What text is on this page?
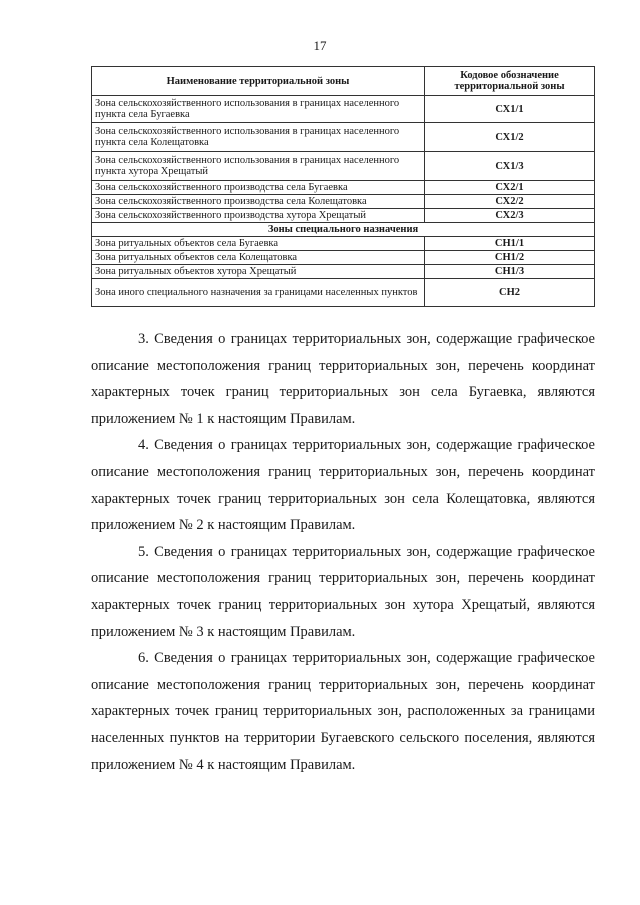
17
Наименование территориальной зоны	Кодовое обозначение территориальной зоны
Зона сельскохозяйственного использования в границах населенного пункта села Бугаевка	СХ1/1
Зона сельскохозяйственного использования в границах населенного пункта села Колещатовка	СХ1/2
Зона сельскохозяйственного использования в границах населенного пункта хутора Хрещатый	СХ1/3
Зона сельскохозяйственного производства села Бугаевка	СХ2/1
Зона сельскохозяйственного производства села Колещатовка	СХ2/2
Зона сельскохозяйственного производства хутора Хрещатый	СХ2/3
Зоны специального назначения	
Зона ритуальных объектов села Бугаевка	СН1/1
Зона ритуальных объектов села Колещатовка	СН1/2
Зона ритуальных объектов хутора Хрещатый	СН1/3
Зона иного специального назначения за границами населенных пунктов	СН2

3. Сведения о границах территориальных зон, содержащие графическое описание местоположения границ территориальных зон, перечень координат характерных точек границ территориальных зон села Бугаевка, являются приложением № 1 к настоящим Правилам.

4. Сведения о границах территориальных зон, содержащие графическое описание местоположения границ территориальных зон, перечень координат характерных точек границ территориальных зон села Колещатовка, являются приложением № 2 к настоящим Правилам.

5. Сведения о границах территориальных зон, содержащие графическое описание местоположения границ территориальных зон, перечень координат характерных точек границ территориальных зон хутора Хрещатый, являются приложением № 3 к настоящим Правилам.

6. Сведения о границах территориальных зон, содержащие графическое описание местоположения границ территориальных зон, перечень координат характерных точек границ территориальных зон, расположенных за границами населенных пунктов на территории Бугаевского сельского поселения, являются приложением № 4 к настоящим Правилам.
